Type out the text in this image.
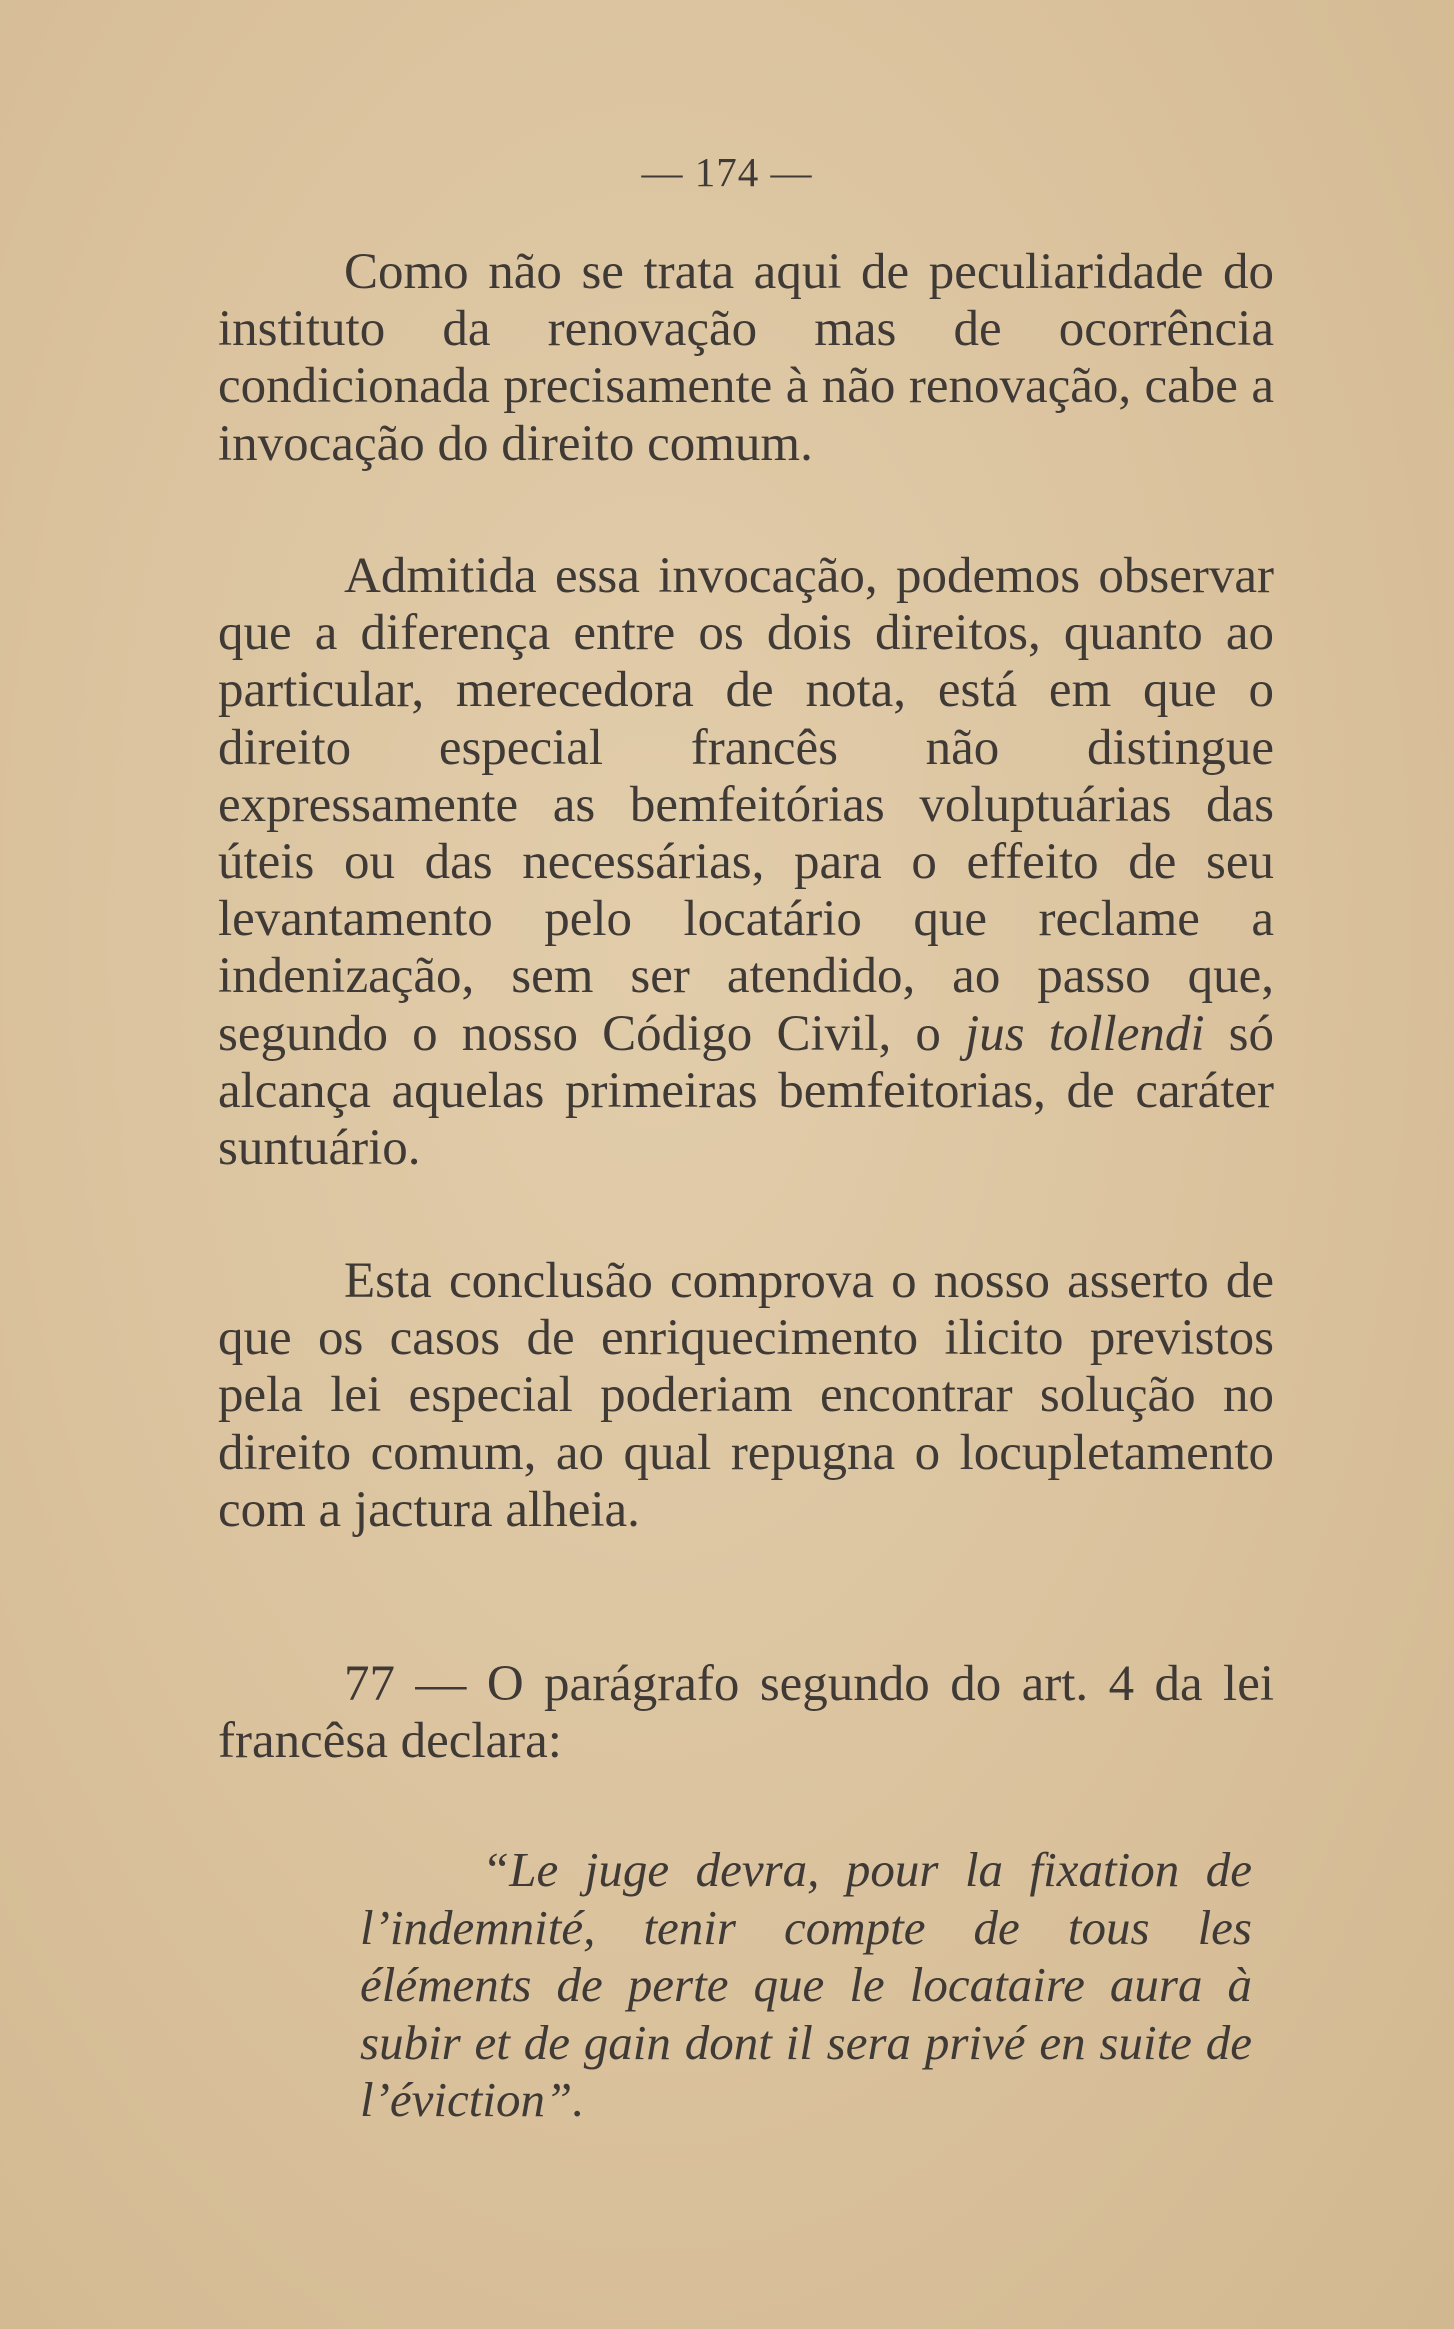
— 174 —

Como não se trata aqui de peculiaridade do instituto da renovação mas de ocorrência condicionada precisamente à não renovação, cabe a invocação do direito comum.

Admitida essa invocação, podemos observar que a diferença entre os dois direitos, quanto ao particular, merecedora de nota, está em que o direito especial francês não distingue expressamente as bemfeitórias voluptuárias das úteis ou das necessárias, para o effeito de seu levantamento pelo locatário que reclame a indenização, sem ser atendido, ao passo que, segundo o nosso Código Civil, o jus tollendi só alcança aquelas primeiras bemfeitorias, de caráter suntuário.

Esta conclusão comprova o nosso asserto de que os casos de enriquecimento ilicito previstos pela lei especial poderiam encontrar solução no direito comum, ao qual repugna o locupletamento com a jactura alheia.

77 — O parágrafo segundo do art. 4 da lei francêsa declara:

“Le juge devra, pour la fixation de l’indemnité, tenir compte de tous les éléments de perte que le locataire aura à subir et de gain dont il sera privé en suite de l’éviction”.
